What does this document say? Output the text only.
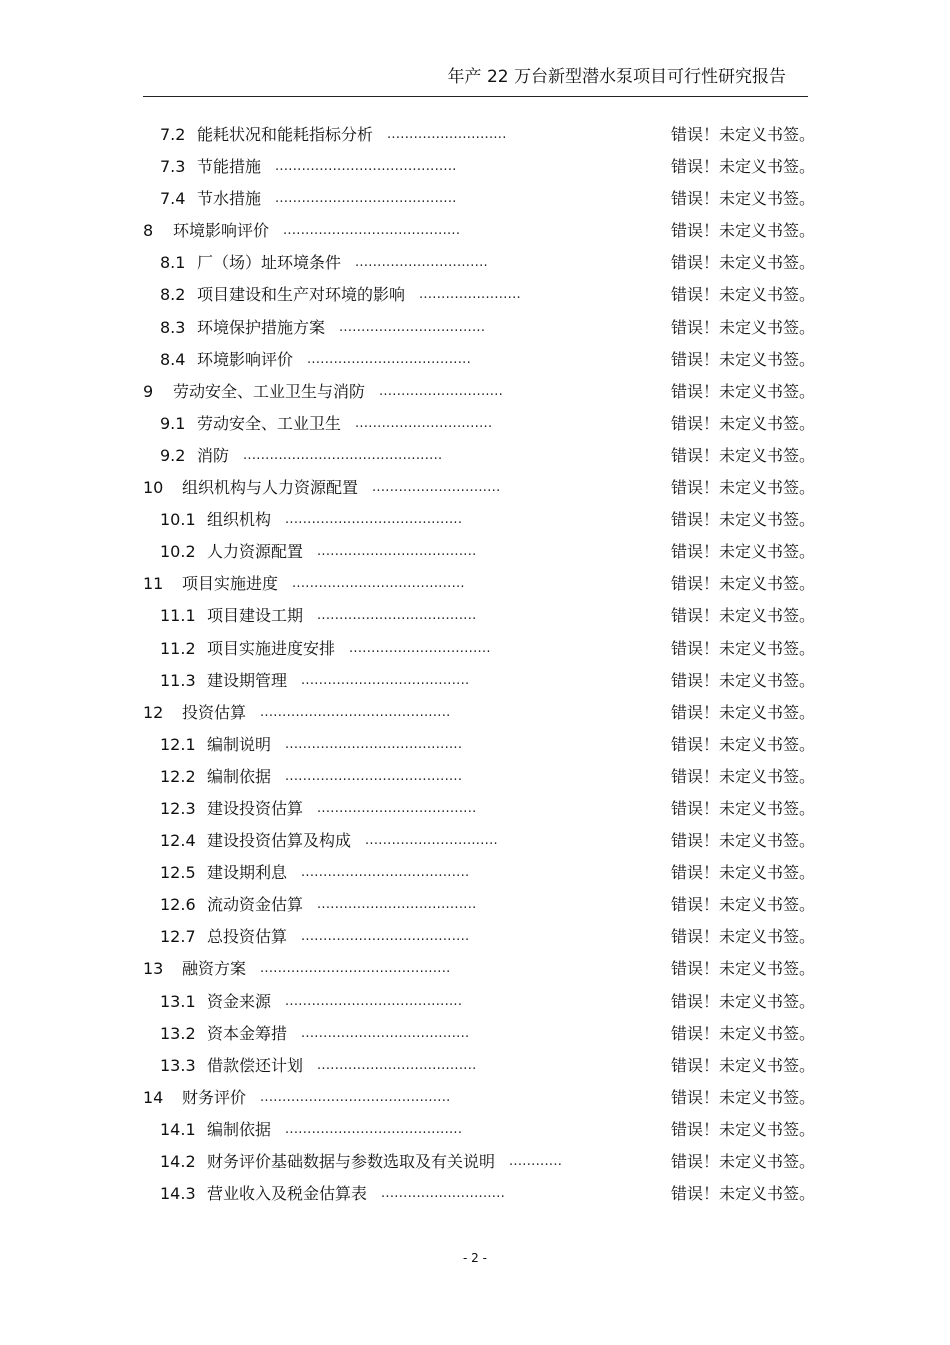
年产 22 万台新型潜水泵项目可行性研究报告
7.2 能耗状况和能耗指标分析 ...........................	错误！未定义书签。
7.3 节能措施 .........................................	错误！未定义书签。
7.4 节水措施 .........................................	错误！未定义书签。
8 环境影响评价 ........................................	错误！未定义书签。
8.1 厂（场）址环境条件 ..............................	错误！未定义书签。
8.2 项目建设和生产对环境的影响 .......................	错误！未定义书签。
8.3 环境保护措施方案 .................................	错误！未定义书签。
8.4 环境影响评价 .....................................	错误！未定义书签。
9 劳动安全、工业卫生与消防 ............................	错误！未定义书签。
9.1 劳动安全、工业卫生 ...............................	错误！未定义书签。
9.2 消防 .............................................	错误！未定义书签。
10 组织机构与人力资源配置 .............................	错误！未定义书签。
10.1 组织机构 ........................................	错误！未定义书签。
10.2 人力资源配置 ....................................	错误！未定义书签。
11 项目实施进度 .......................................	错误！未定义书签。
11.1 项目建设工期 ....................................	错误！未定义书签。
11.2 项目实施进度安排 ................................	错误！未定义书签。
11.3 建设期管理 ......................................	错误！未定义书签。
12 投资估算 ...........................................	错误！未定义书签。
12.1 编制说明 ........................................	错误！未定义书签。
12.2 编制依据 ........................................	错误！未定义书签。
12.3 建设投资估算 ....................................	错误！未定义书签。
12.4 建设投资估算及构成 ..............................	错误！未定义书签。
12.5 建设期利息 ......................................	错误！未定义书签。
12.6 流动资金估算 ....................................	错误！未定义书签。
12.7 总投资估算 ......................................	错误！未定义书签。
13 融资方案 ...........................................	错误！未定义书签。
13.1 资金来源 ........................................	错误！未定义书签。
13.2 资本金筹措 ......................................	错误！未定义书签。
13.3 借款偿还计划 ....................................	错误！未定义书签。
14 财务评价 ...........................................	错误！未定义书签。
14.1 编制依据 ........................................	错误！未定义书签。
14.2 财务评价基础数据与参数选取及有关说明 ............	错误！未定义书签。
14.3 营业收入及税金估算表 ............................	错误！未定义书签。
- 2 -
